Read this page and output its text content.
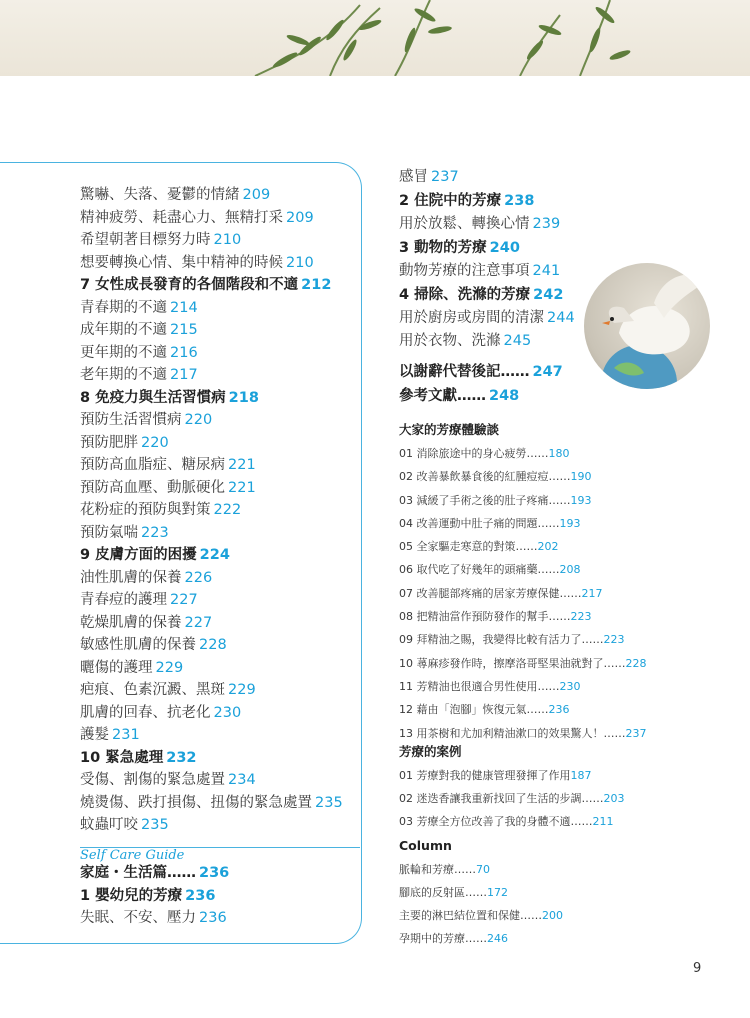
驚嚇、失落、憂鬱的情緒 209
精神疲勞、耗盡心力、無精打采 209
希望朝著目標努力時 210
想要轉換心情、集中精神的時候 210
7 女性成長發育的各個階段和不適 212
青春期的不適 214
成年期的不適 215
更年期的不適 216
老年期的不適 217
8 免疫力與生活習慣病 218
預防生活習慣病 220
預防肥胖 220
預防高血脂症、糖尿病 221
預防高血壓、動脈硬化 221
花粉症的預防與對策 222
預防氣喘 223
9 皮膚方面的困擾 224
油性肌膚的保養 226
青春痘的護理 227
乾燥肌膚的保養 227
敏感性肌膚的保養 228
曬傷的護理 229
疤痕、色素沉澱、黑斑 229
肌膚的回春、抗老化 230
護髮 231
10 緊急處理 232
受傷、割傷的緊急處置 234
燒燙傷、跌打損傷、扭傷的緊急處置 235
蚊蟲叮咬 235
Self Care Guide
家庭・生活篇…… 236
1 嬰幼兒的芳療 236
失眠、不安、壓力 236
感冒 237
2 住院中的芳療 238
用於放鬆、轉換心情 239
3 動物的芳療 240
動物芳療的注意事項 241
4 掃除、洗滌的芳療 242
用於廚房或房間的清潔 244
用於衣物、洗滌 245
以謝辭代替後記…… 247
參考文獻…… 248
大家的芳療體驗談
01 消除旅途中的身心疲勞……180
02 改善暴飲暴食後的紅腫痘痘……190
03 減緩了手術之後的肚子疼痛……193
04 改善運動中肚子痛的問題……193
05 全家驅走寒意的對策……202
06 取代吃了好幾年的頭痛藥……208
07 改善腿部疼痛的居家芳療保健……217
08 把精油當作預防發作的幫手……223
09 拜精油之賜，我變得比較有活力了……223
10 蕁麻疹發作時，擦摩洛哥堅果油就對了……228
11 芳精油也很適合男性使用……230
12 藉由「泡腳」恢復元氣……236
13 用茶樹和尤加利精油漱口的效果驚人！……237
芳療的案例
01 芳療對我的健康管理發揮了作用187
02 迷迭香讓我重新找回了生活的步調……203
03 芳療全方位改善了我的身體不適……211
Column
脈輪和芳療……70
腳底的反射區……172
主要的淋巴結位置和保健……200
孕期中的芳療……246
9
